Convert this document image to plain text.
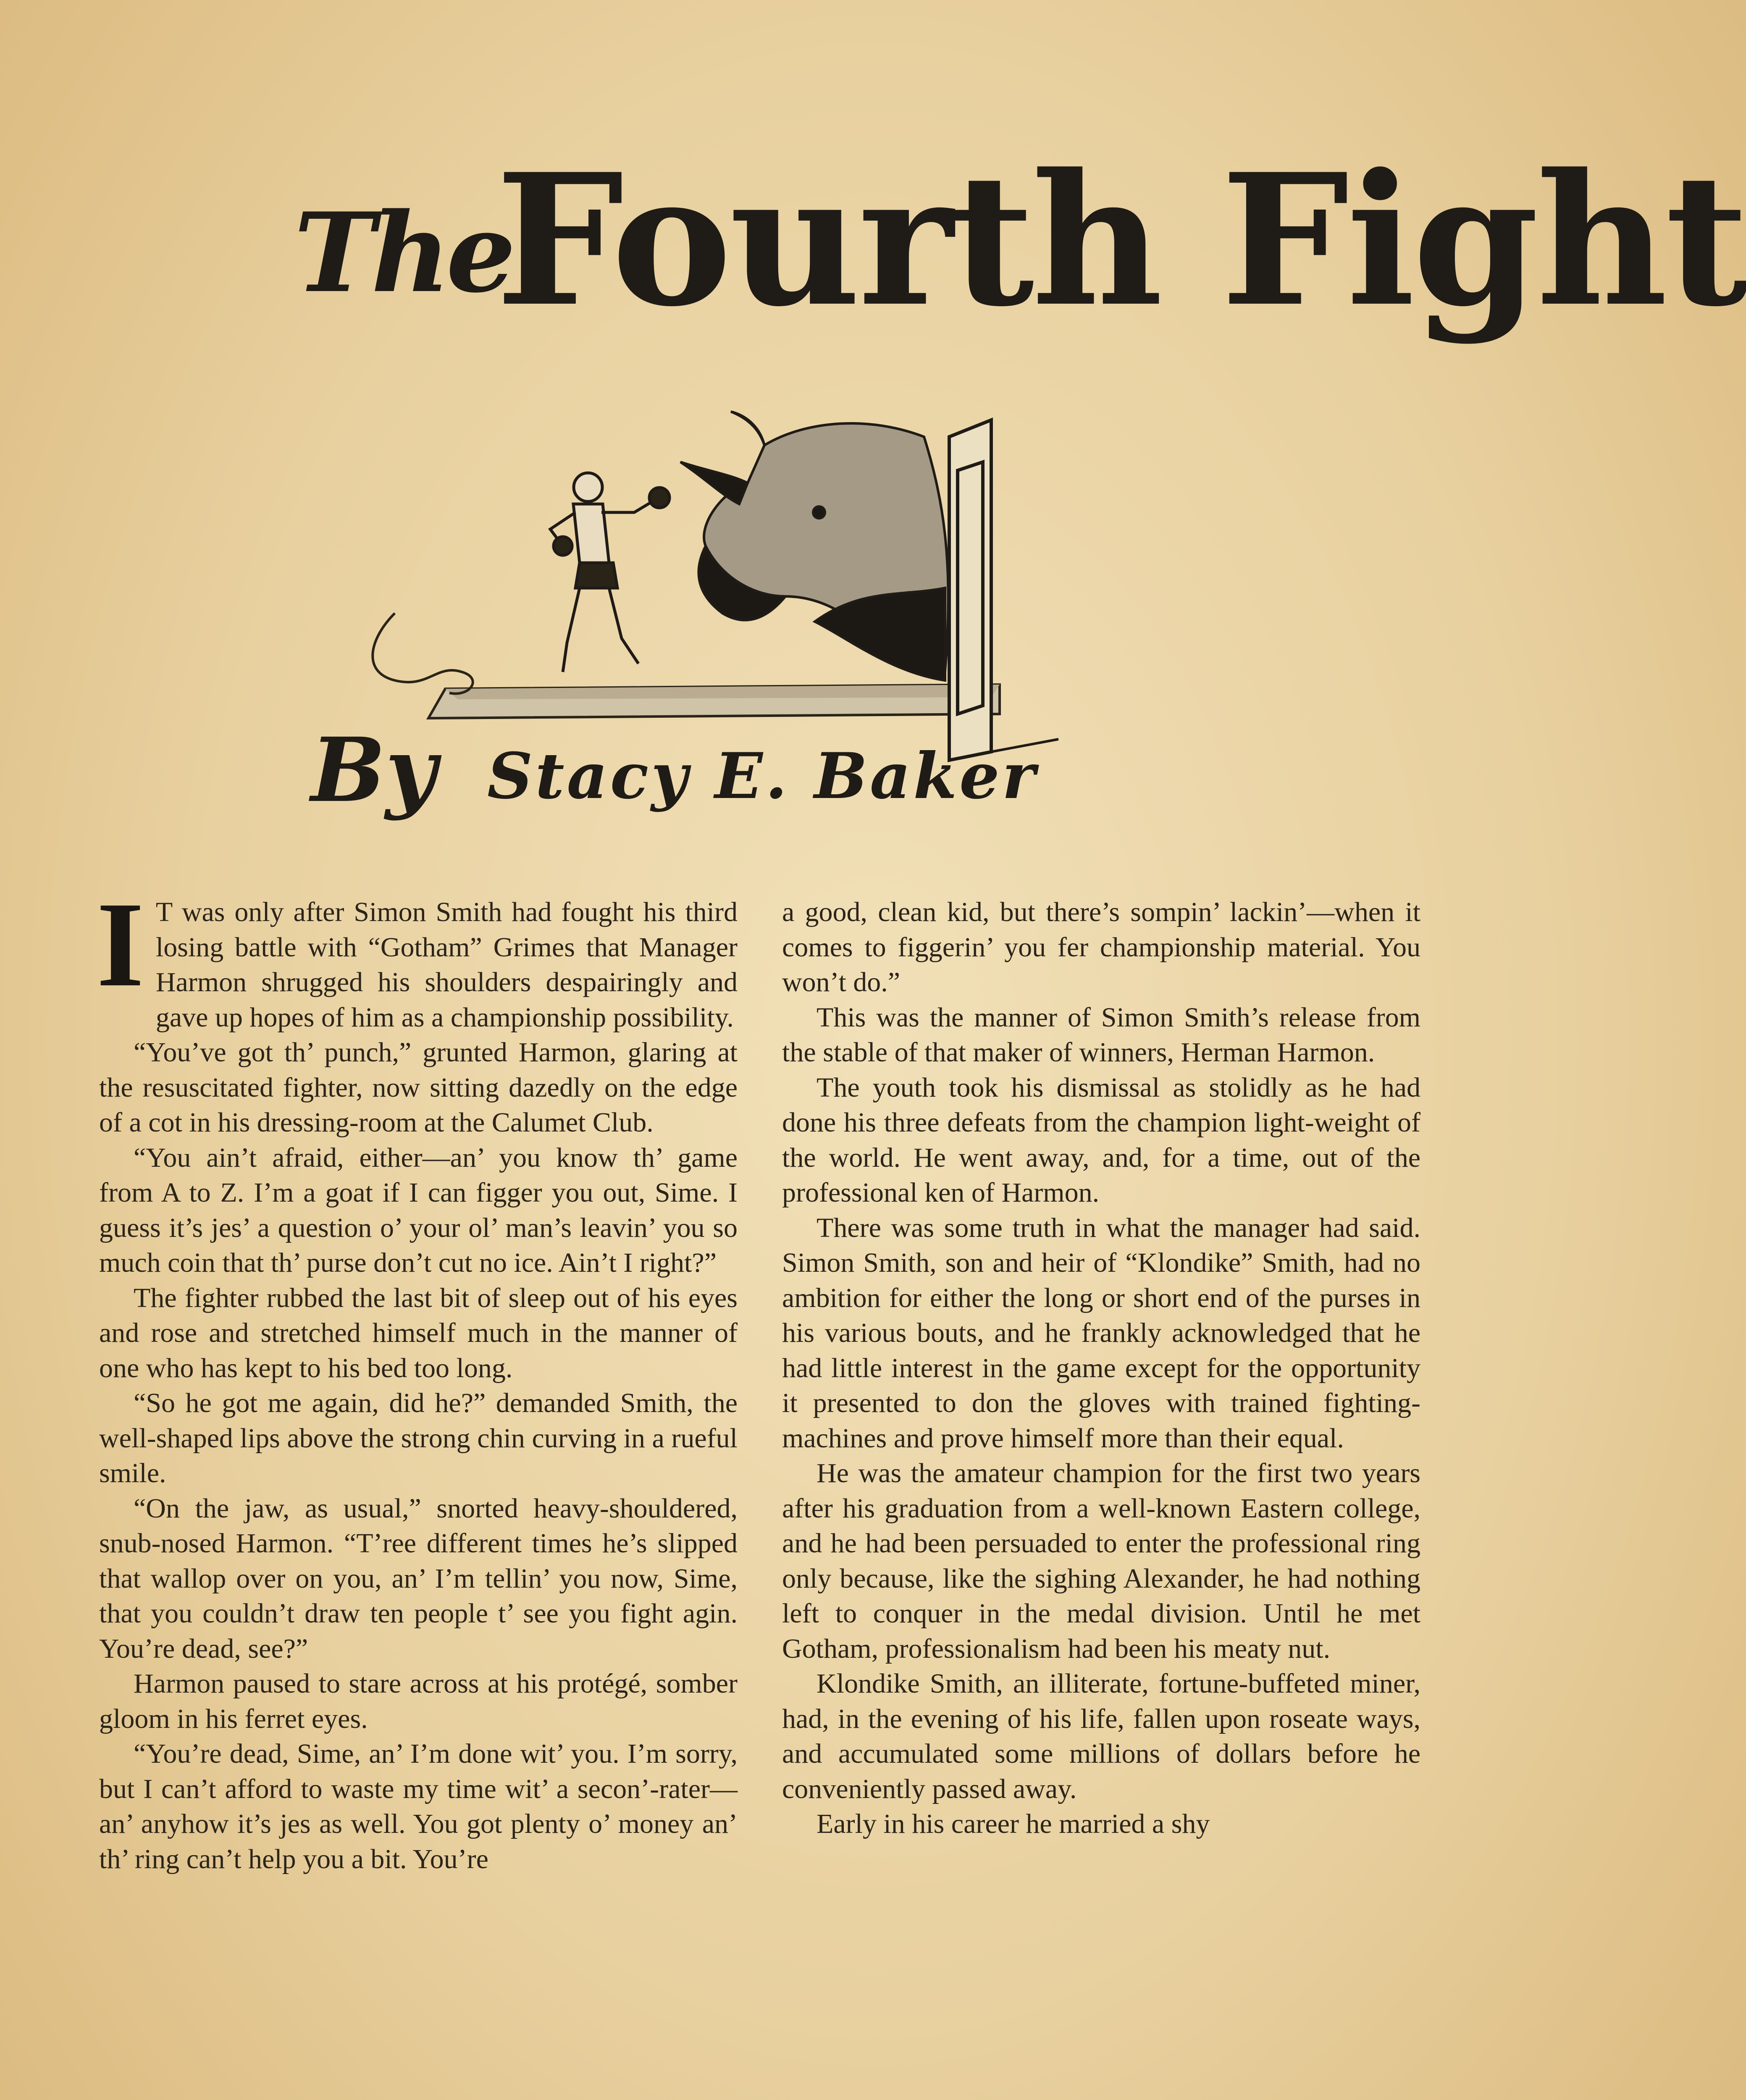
The
Fourth Fight
By Stacy E. Baker

I T was only after Simon Smith had fought his third losing battle with “Gotham” Grimes that Manager Harmon shrugged his shoulders despairingly and gave up hopes of him as a championship possibility.

“You’ve got th’ punch,” grunted Harmon, glaring at the resuscitated fighter, now sitting dazedly on the edge of a cot in his dressing-room at the Calumet Club.

“You ain’t afraid, either—an’ you know th’ game from A to Z. I’m a goat if I can figger you out, Sime. I guess it’s jes’ a question o’ your ol’ man’s leavin’ you so much coin that th’ purse don’t cut no ice. Ain’t I right?”

The fighter rubbed the last bit of sleep out of his eyes and rose and stretched himself much in the manner of one who has kept to his bed too long.

“So he got me again, did he?” demanded Smith, the well-shaped lips above the strong chin curving in a rueful smile.

“On the jaw, as usual,” snorted heavy-shouldered, snub-nosed Harmon. “T’ree different times he’s slipped that wallop over on you, an’ I’m tellin’ you now, Sime, that you couldn’t draw ten people t’ see you fight agin. You’re dead, see?”

Harmon paused to stare across at his protégé, somber gloom in his ferret eyes.

“You’re dead, Sime, an’ I’m done wit’ you. I’m sorry, but I can’t afford to waste my time wit’ a secon’-rater—an’ anyhow it’s jes as well. You got plenty o’ money an’ th’ ring can’t help you a bit. You’re

a good, clean kid, but there’s sompin’ lackin’—when it comes to figgerin’ you fer championship material. You won’t do.”

This was the manner of Simon Smith’s release from the stable of that maker of winners, Herman Harmon.

The youth took his dismissal as stolidly as he had done his three defeats from the champion light-weight of the world. He went away, and, for a time, out of the professional ken of Harmon.

There was some truth in what the manager had said. Simon Smith, son and heir of “Klondike” Smith, had no ambition for either the long or short end of the purses in his various bouts, and he frankly acknowledged that he had little interest in the game except for the opportunity it presented to don the gloves with trained fighting-machines and prove himself more than their equal.

He was the amateur champion for the first two years after his graduation from a well-known Eastern college, and he had been persuaded to enter the professional ring only because, like the sighing Alexander, he had nothing left to conquer in the medal division. Until he met Gotham, professionalism had been his meaty nut.

Klondike Smith, an illiterate, fortune-buffeted miner, had, in the evening of his life, fallen upon roseate ways, and accumulated some millions of dollars before he conveniently passed away.

Early in his career he married a shy
